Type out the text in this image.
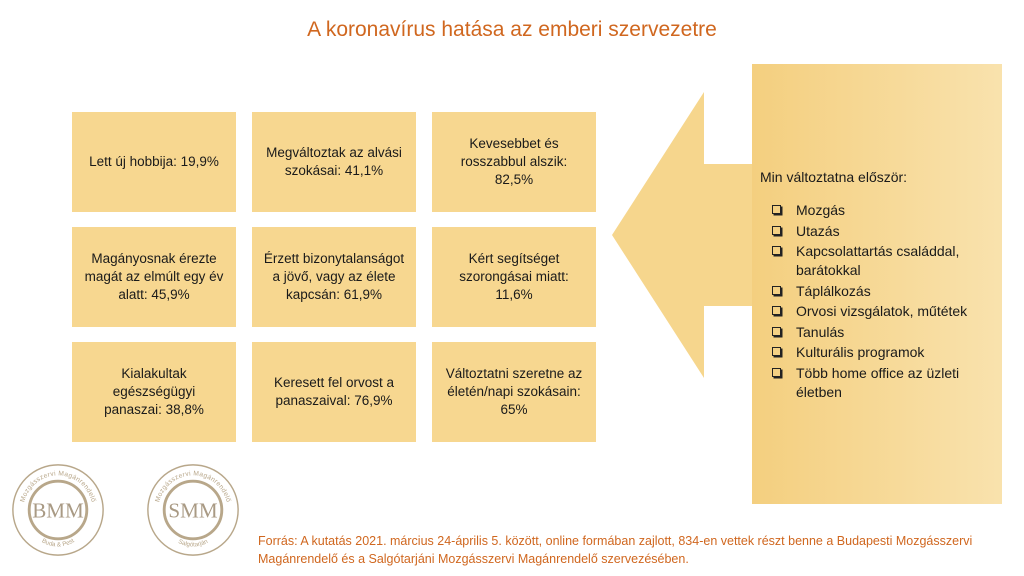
A koronavírus hatása az emberi szervezetre
Lett új hobbija: 19,9%
Megváltoztak az alvási szokásai: 41,1%
Kevesebbet és rosszabbul alszik: 82,5%
Magányosnak érezte magát az elmúlt egy év alatt: 45,9%
Érzett bizonytalanságot a jövő, vagy az élete kapcsán: 61,9%
Kért segítséget szorongásai miatt: 11,6%
Kialakultak egészségügyi panaszai: 38,8%
Keresett fel orvost a panaszaival: 76,9%
Változtatni szeretne az életén/napi szokásain: 65%
Min változtatna először:
Mozgás
Utazás
Kapcsolattartás családdal, barátokkal
Táplálkozás
Orvosi vizsgálatok, műtétek
Tanulás
Kulturális programok
Több home office az üzleti életben
Mozgásszervi Magánrendelő
Buda & Pest
BMM	Mozgásszervi Magánrendelő
Salgótarján
SMM
Forrás: A kutatás 2021. március 24-április 5. között, online formában zajlott, 834-en vettek részt benne a Budapesti Mozgásszervi Magánrendelő és a Salgótarjáni Mozgásszervi Magánrendelő szervezésében.
